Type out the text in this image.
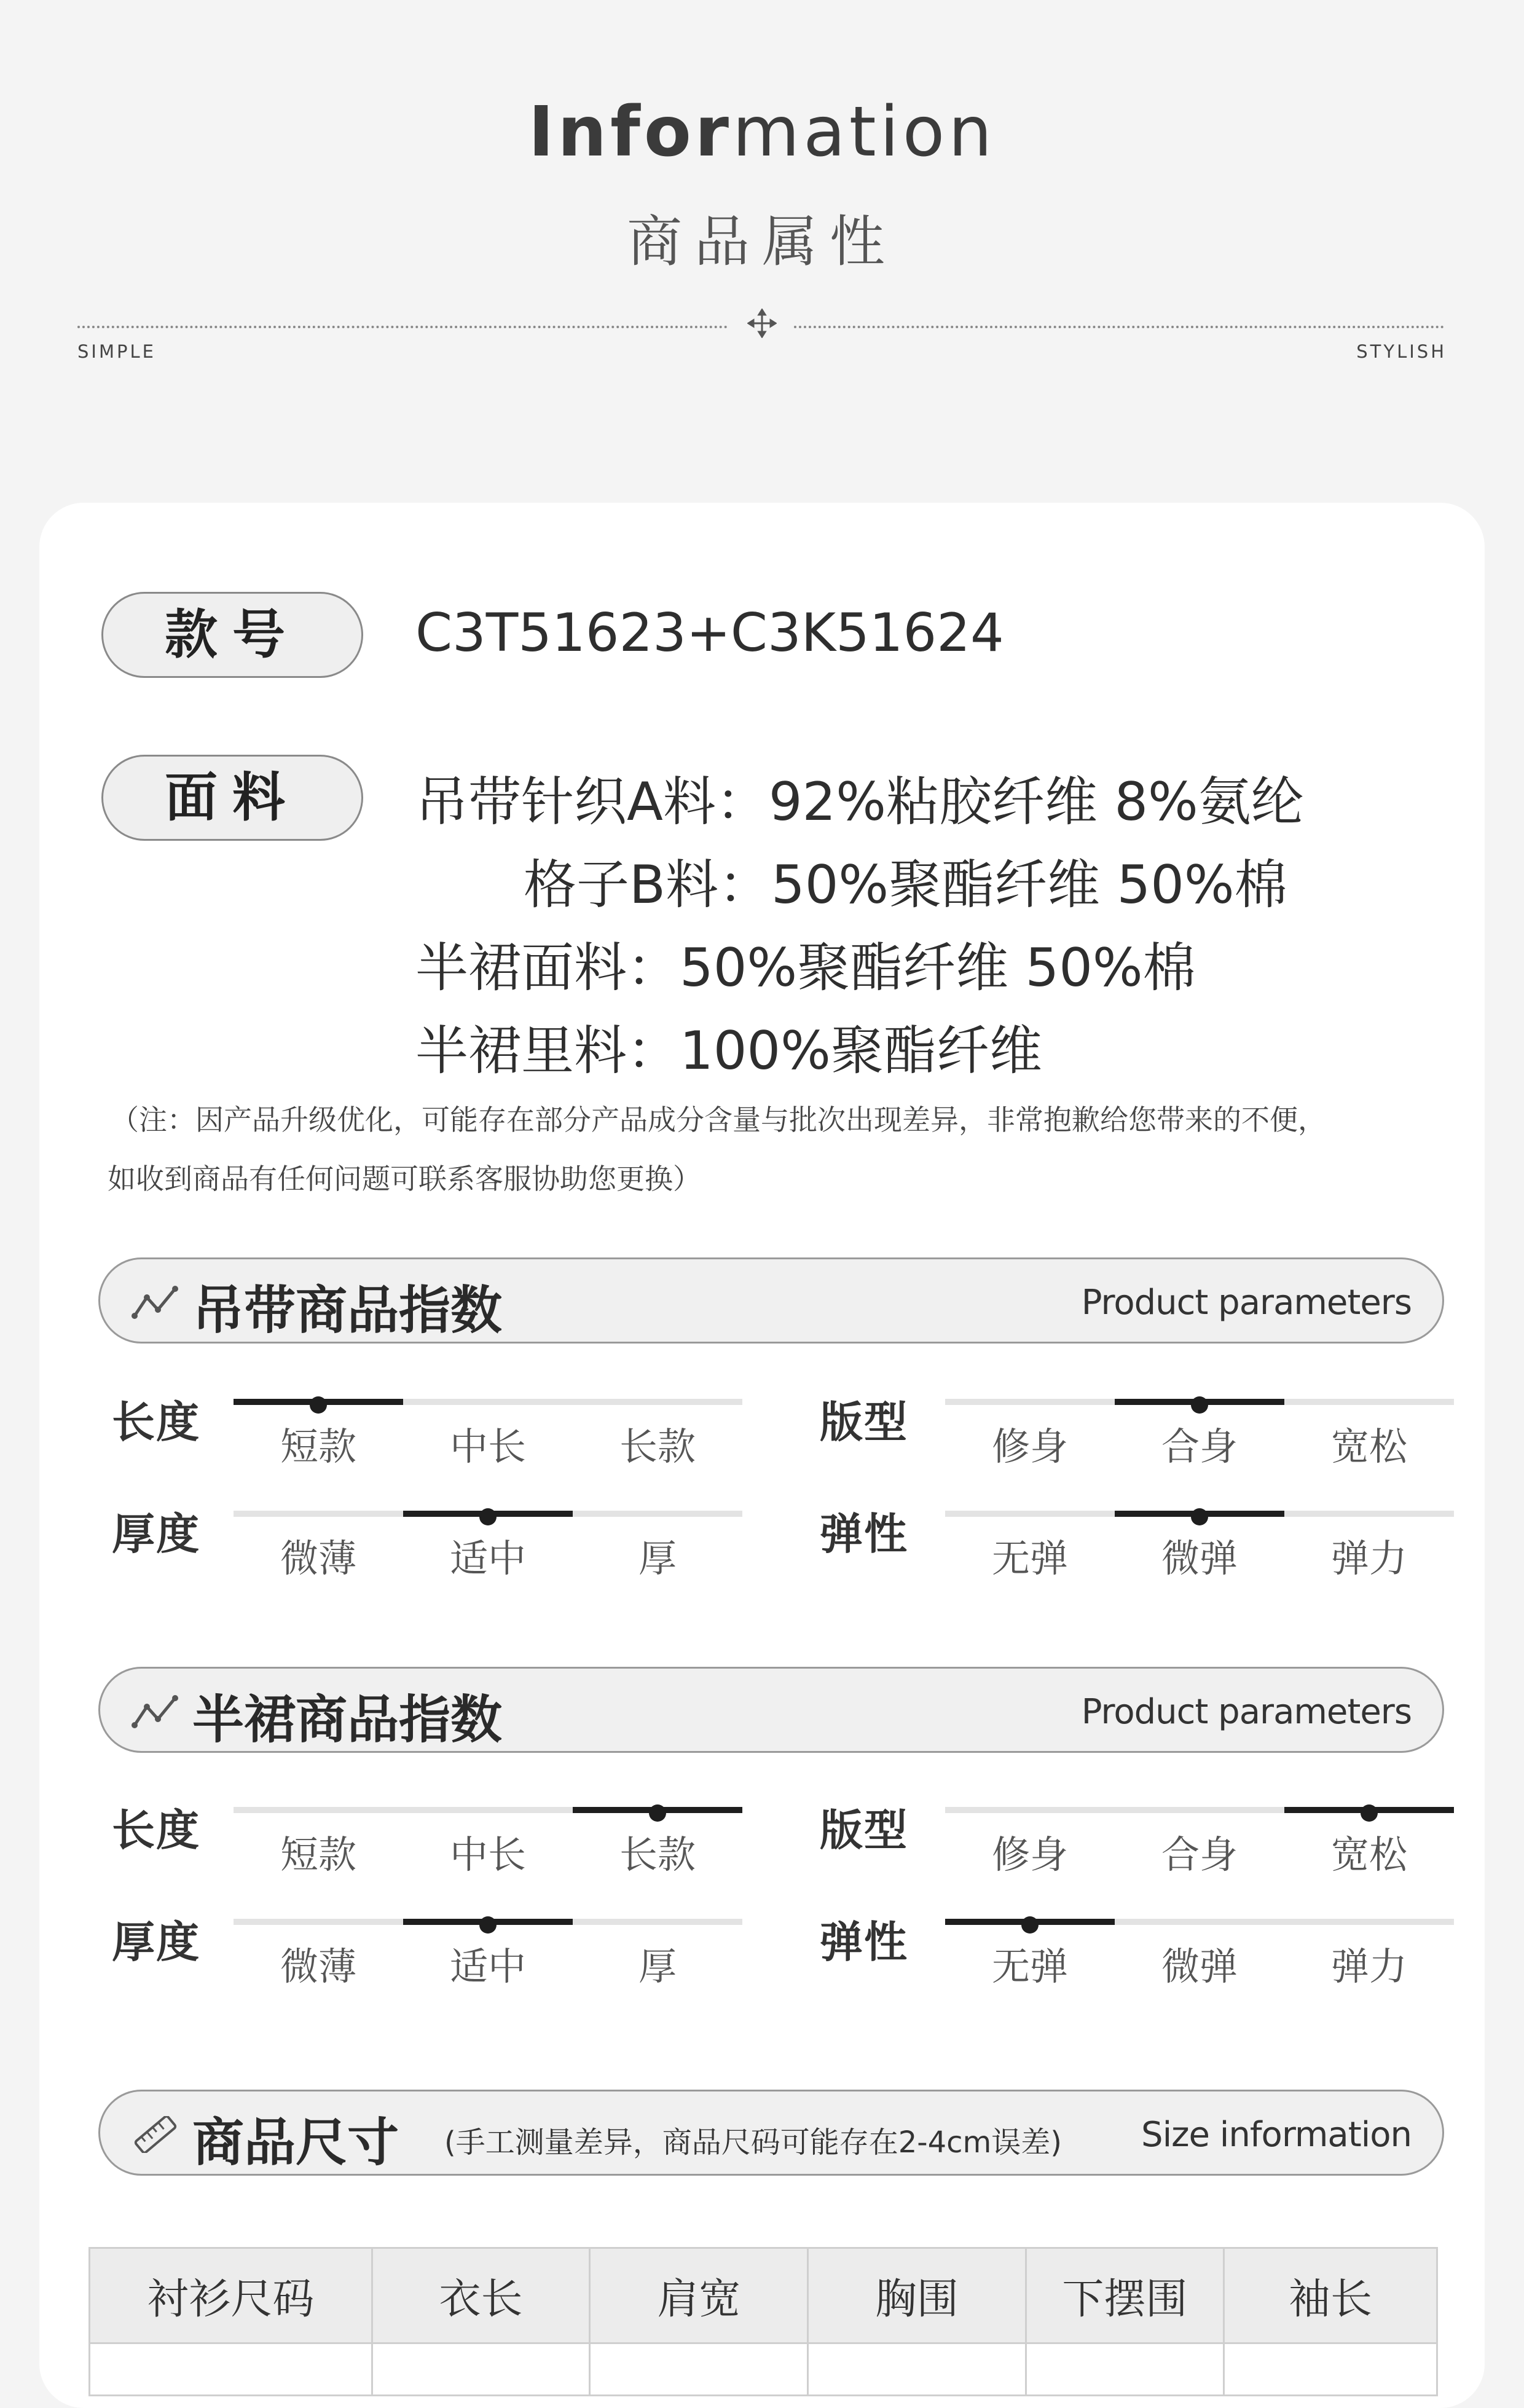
Information
商品属性
SIMPLE	STYLISH
款号	C3T51623+C3K51624
面料	吊带针织A料：92%粘胶纤维 8%氨纶
格子B料：50%聚酯纤维 50%棉
半裙面料：50%聚酯纤维 50%棉
半裙里料：100%聚酯纤维
（注：因产品升级优化，可能存在部分产品成分含量与批次出现差异，非常抱歉给您带来的不便，
如收到商品有任何问题可联系客服协助您更换）
吊带商品指数	Product parameters
半裙商品指数	Product parameters
长度	短款	中长	长款	版型	修身	合身	宽松
厚度	微薄	适中	厚	弹性	无弹	微弹	弹力
长度	短款	中长	长款	版型	修身	合身	宽松
厚度	微薄	适中	厚	弹性	无弹	微弹	弹力
商品尺寸 (手工测量差异，商品尺码可能存在2-4cm误差) Size information
衬衫尺码	衣长	肩宽	胸围	下摆围	袖长
